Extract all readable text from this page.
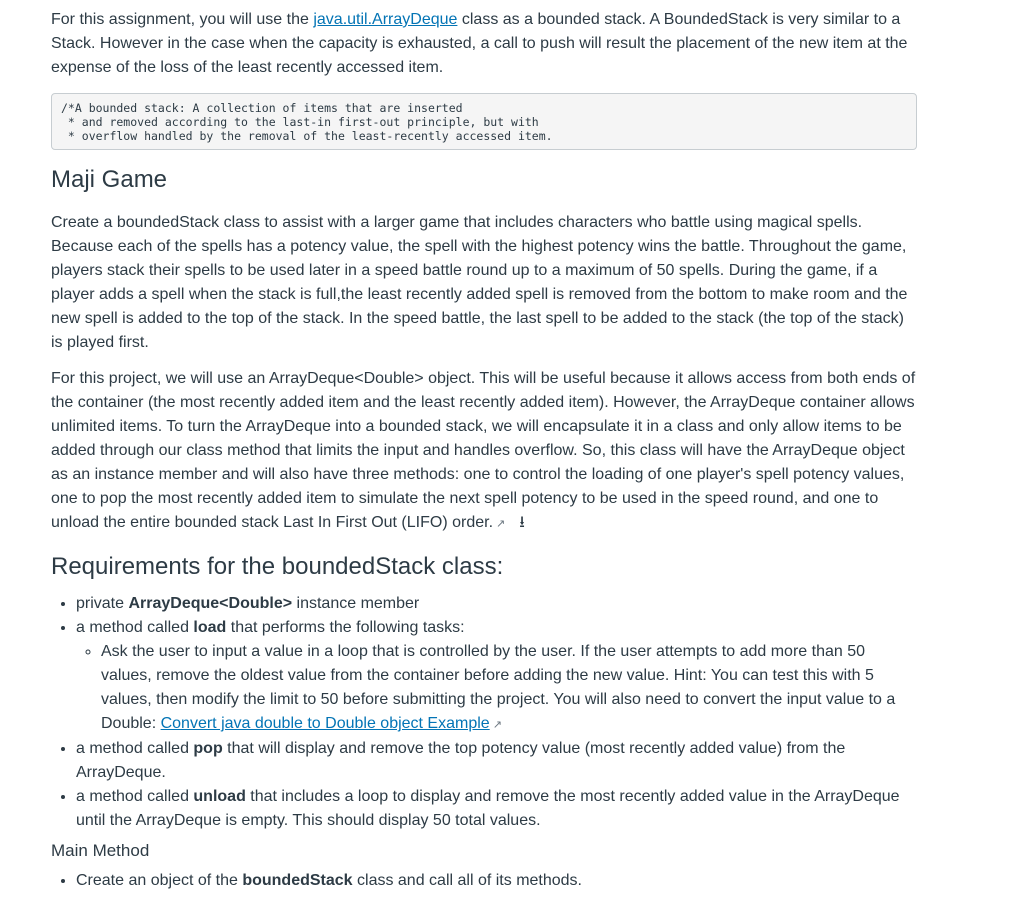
For this assignment, you will use the java.util.ArrayDeque class as a bounded stack. A BoundedStack is very similar to a Stack. However in the case when the capacity is exhausted, a call to push will result the placement of the new item at the expense of the loss of the least recently accessed item.

/*A bounded stack: A collection of items that are inserted
* and removed according to the last-in first-out principle, but with
* overflow handled by the removal of the least-recently accessed item.
Maji Game

Create a boundedStack class to assist with a larger game that includes characters who battle using magical spells. Because each of the spells has a potency value, the spell with the highest potency wins the battle. Throughout the game, players stack their spells to be used later in a speed battle round up to a maximum of 50 spells. During the game, if a player adds a spell when the stack is full,the least recently added spell is removed from the bottom to make room and the new spell is added to the top of the stack. In the speed battle, the last spell to be added to the stack (the top of the stack) is played first.

For this project, we will use an ArrayDeque<Double> object. This will be useful because it allows access from both ends of the container (the most recently added item and the least recently added item). However, the ArrayDeque container allows unlimited items. To turn the ArrayDeque into a bounded stack, we will encapsulate it in a class and only allow items to be added through our class method that limits the input and handles overflow. So, this class will have the ArrayDeque object as an instance member and will also have three methods: one to control the loading of one player's spell potency values, one to pop the most recently added item to simulate the next spell potency to be used in the speed round, and one to unload the entire bounded stack Last In First Out (LIFO) order. ↗ ⭳

Requirements for the boundedStack class:
• private ArrayDeque<Double> instance member
• a method called load that performs the following tasks:
◦ Ask the user to input a value in a loop that is controlled by the user. If the user attempts to add more than 50 values, remove the oldest value from the container before adding the new value. Hint: You can test this with 5 values, then modify the limit to 50 before submitting the project. You will also need to convert the input value to a Double: Convert java double to Double object Example ↗
• a method called pop that will display and remove the top potency value (most recently added value) from the ArrayDeque.
• a method called unload that includes a loop to display and remove the most recently added value in the ArrayDeque until the ArrayDeque is empty. This should display 50 total values.
Main Method
• Create an object of the boundedStack class and call all of its methods.
